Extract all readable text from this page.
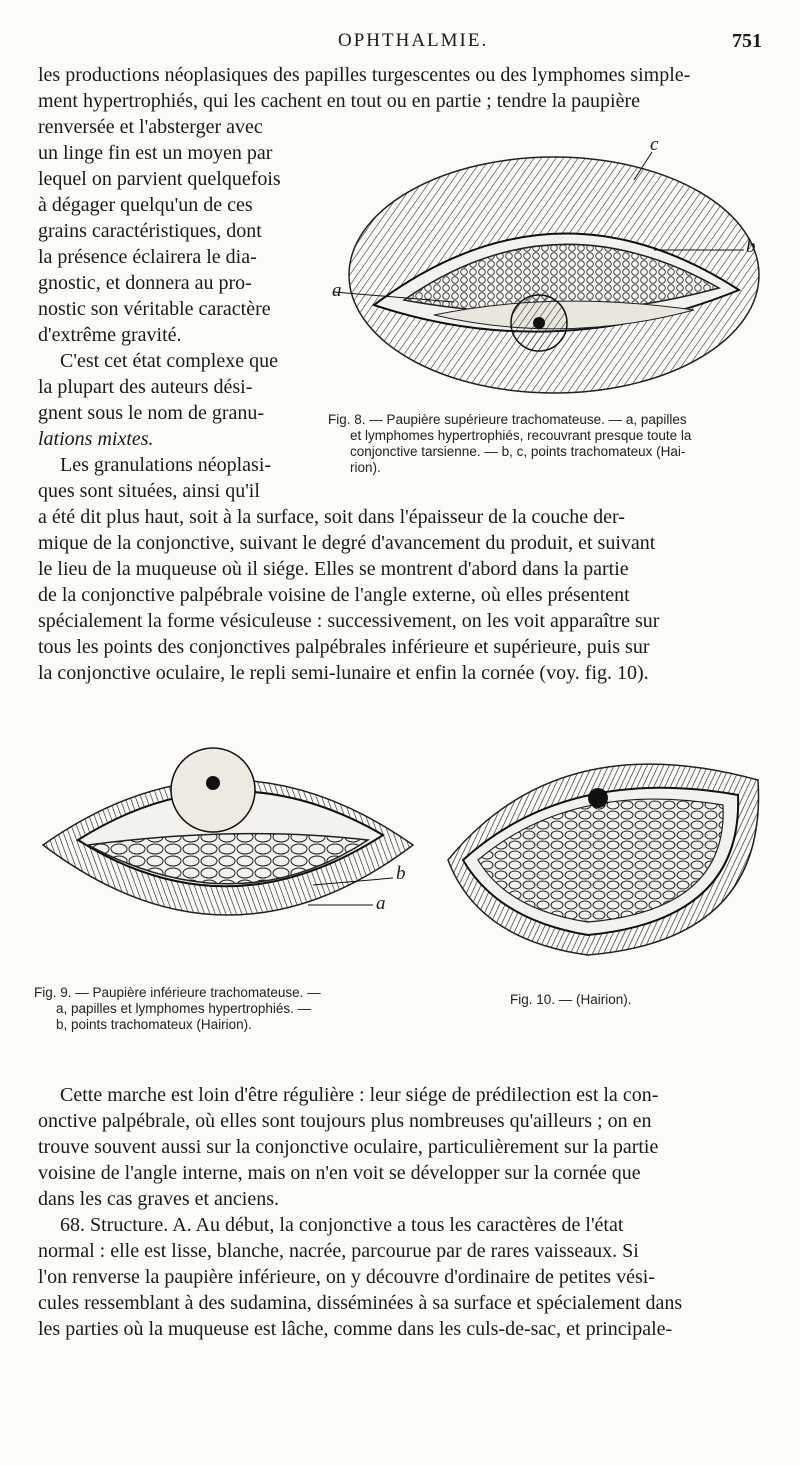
OPHTHALMIE.	751
les productions néoplasiques des papilles turgescentes ou des lymphomes simple-
ment hypertrophiés, qui les cachent en tout ou en partie ; tendre la paupière
renversée et l'absterger avec
un linge fin est un moyen par
lequel on parvient quelquefois
à dégager quelqu'un de ces
grains caractéristiques, dont
la présence éclairera le dia-
gnostic, et donnera au pro-
nostic son véritable caractère
d'extrême gravité.
C'est cet état complexe que
la plupart des auteurs dési-
gnent sous le nom de granu-
lations mixtes.
Les granulations néoplasi-
ques sont situées, ainsi qu'il
a
b
c
Fig. 8. — Paupière supérieure trachomateuse. — a, papilles
et lymphomes hypertrophiés, recouvrant presque toute la
conjonctive tarsienne. — b, c, points trachomateux (Hai-
rion).
a été dit plus haut, soit à la surface, soit dans l'épaisseur de la couche der-
mique de la conjonctive, suivant le degré d'avancement du produit, et suivant
le lieu de la muqueuse où il siége. Elles se montrent d'abord dans la partie
de la conjonctive palpébrale voisine de l'angle externe, où elles présentent
spécialement la forme vésiculeuse : successivement, on les voit apparaître sur
tous les points des conjonctives palpébrales inférieure et supérieure, puis sur
la conjonctive oculaire, le repli semi-lunaire et enfin la cornée (voy. fig. 10).
b
a
Fig. 9. — Paupière inférieure trachomateuse. —
a, papilles et lymphomes hypertrophiés. —
b, points trachomateux (Hairion).
Fig. 10. — (Hairion).
Cette marche est loin d'être régulière : leur siége de prédilection est la con-
onctive palpébrale, où elles sont toujours plus nombreuses qu'ailleurs ; on en
trouve souvent aussi sur la conjonctive oculaire, particulièrement sur la partie
voisine de l'angle interne, mais on n'en voit se développer sur la cornée que
dans les cas graves et anciens.
68. Structure. A. Au début, la conjonctive a tous les caractères de l'état
normal : elle est lisse, blanche, nacrée, parcourue par de rares vaisseaux. Si
l'on renverse la paupière inférieure, on y découvre d'ordinaire de petites vési-
cules ressemblant à des sudamina, disséminées à sa surface et spécialement dans
les parties où la muqueuse est lâche, comme dans les culs-de-sac, et principale-
